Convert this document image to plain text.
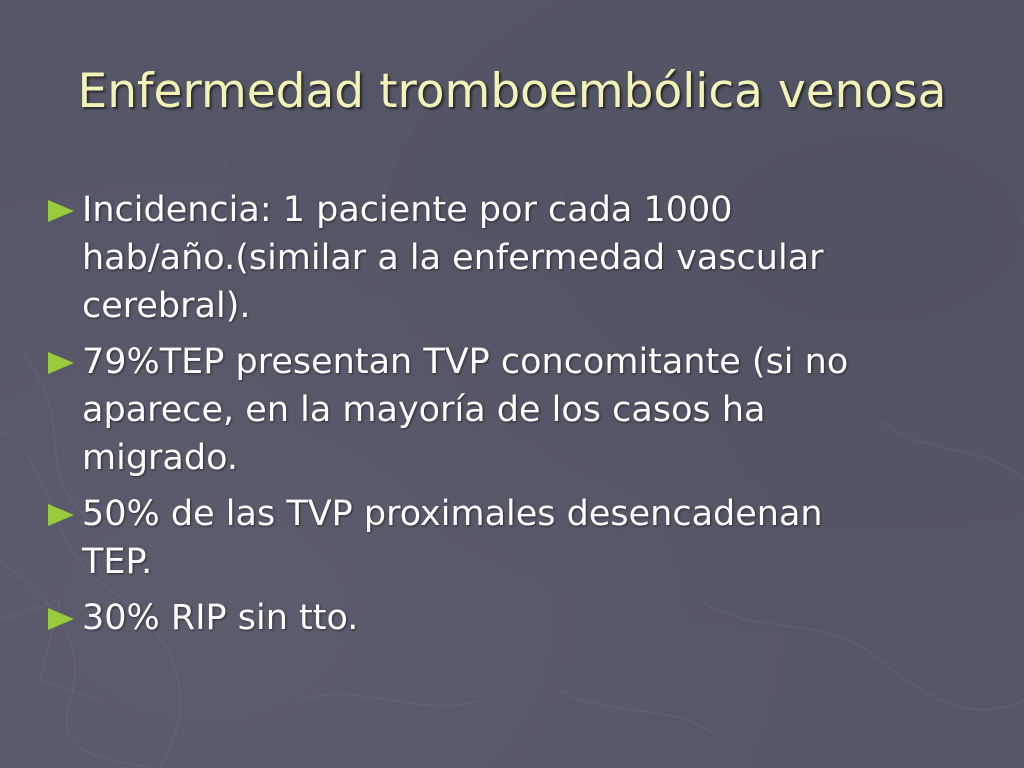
Enfermedad tromboembólica venosa
Incidencia: 1 paciente por cada 1000
hab/año.(similar a la enfermedad vascular
cerebral).
79%TEP presentan TVP concomitante (si no
aparece, en la mayoría de los casos ha
migrado.
50% de las TVP proximales desencadenan
TEP.
30% RIP sin tto.
